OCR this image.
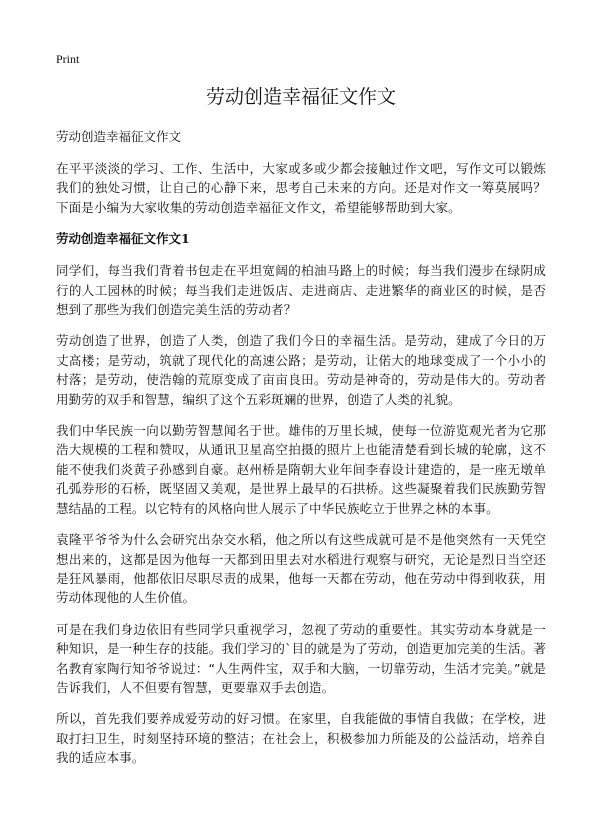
Print
劳动创造幸福征文作文

劳动创造幸福征文作文

在平平淡淡的学习、工作、生活中，大家或多或少都会接触过作文吧，写作文可以锻炼我们的独处习惯，让自己的心静下来，思考自己未来的方向。还是对作文一筹莫展吗？下面是小编为大家收集的劳动创造幸福征文作文，希望能够帮助到大家。

劳动创造幸福征文作文1

同学们，每当我们背着书包走在平坦宽阔的柏油马路上的时候；每当我们漫步在绿阴成行的人工园林的时候；每当我们走进饭店、走进商店、走进繁华的商业区的时候，是否想到了那些为我们创造完美生活的劳动者？

劳动创造了世界，创造了人类，创造了我们今日的幸福生活。是劳动，建成了今日的万丈高楼；是劳动，筑就了现代化的高速公路；是劳动，让偌大的地球变成了一个小小的村落；是劳动，使浩翰的荒原变成了亩亩良田。劳动是神奇的，劳动是伟大的。劳动者用勤劳的双手和智慧，编织了这个五彩斑斓的世界，创造了人类的礼貌。

我们中华民族一向以勤劳智慧闻名于世。雄伟的万里长城，使每一位游览观光者为它那浩大规模的工程和赞叹，从通讯卫星高空拍摄的照片上也能清楚看到长城的轮廓，这不能不使我们炎黄子孙感到自豪。赵州桥是隋朝大业年间李春设计建造的，是一座无墩单孔弧券形的石桥，既坚固又美观，是世界上最早的石拱桥。这些凝聚着我们民族勤劳智慧结晶的工程。以它特有的风格向世人展示了中华民族屹立于世界之林的本事。

袁隆平爷爷为什么会研究出杂交水稻，他之所以有这些成就可是不是他突然有一天凭空想出来的，这都是因为他每一天都到田里去对水稻进行观察与研究，无论是烈日当空还是狂风暴雨，他都依旧尽职尽责的成果，他每一天都在劳动，他在劳动中得到收获，用劳动体现他的人生价值。

可是在我们身边依旧有些同学只重视学习，忽视了劳动的重要性。其实劳动本身就是一种知识，是一种生存的技能。我们学习的`目的就是为了劳动，创造更加完美的生活。著名教育家陶行知爷爷说过：“人生两件宝，双手和大脑，一切靠劳动，生活才完美。”就是告诉我们，人不但要有智慧，更要靠双手去创造。

所以，首先我们要养成爱劳动的好习惯。在家里，自我能做的事情自我做；在学校，进取打扫卫生，时刻坚持环境的整洁；在社会上，积极参加力所能及的公益活动，培养自我的适应本事。
